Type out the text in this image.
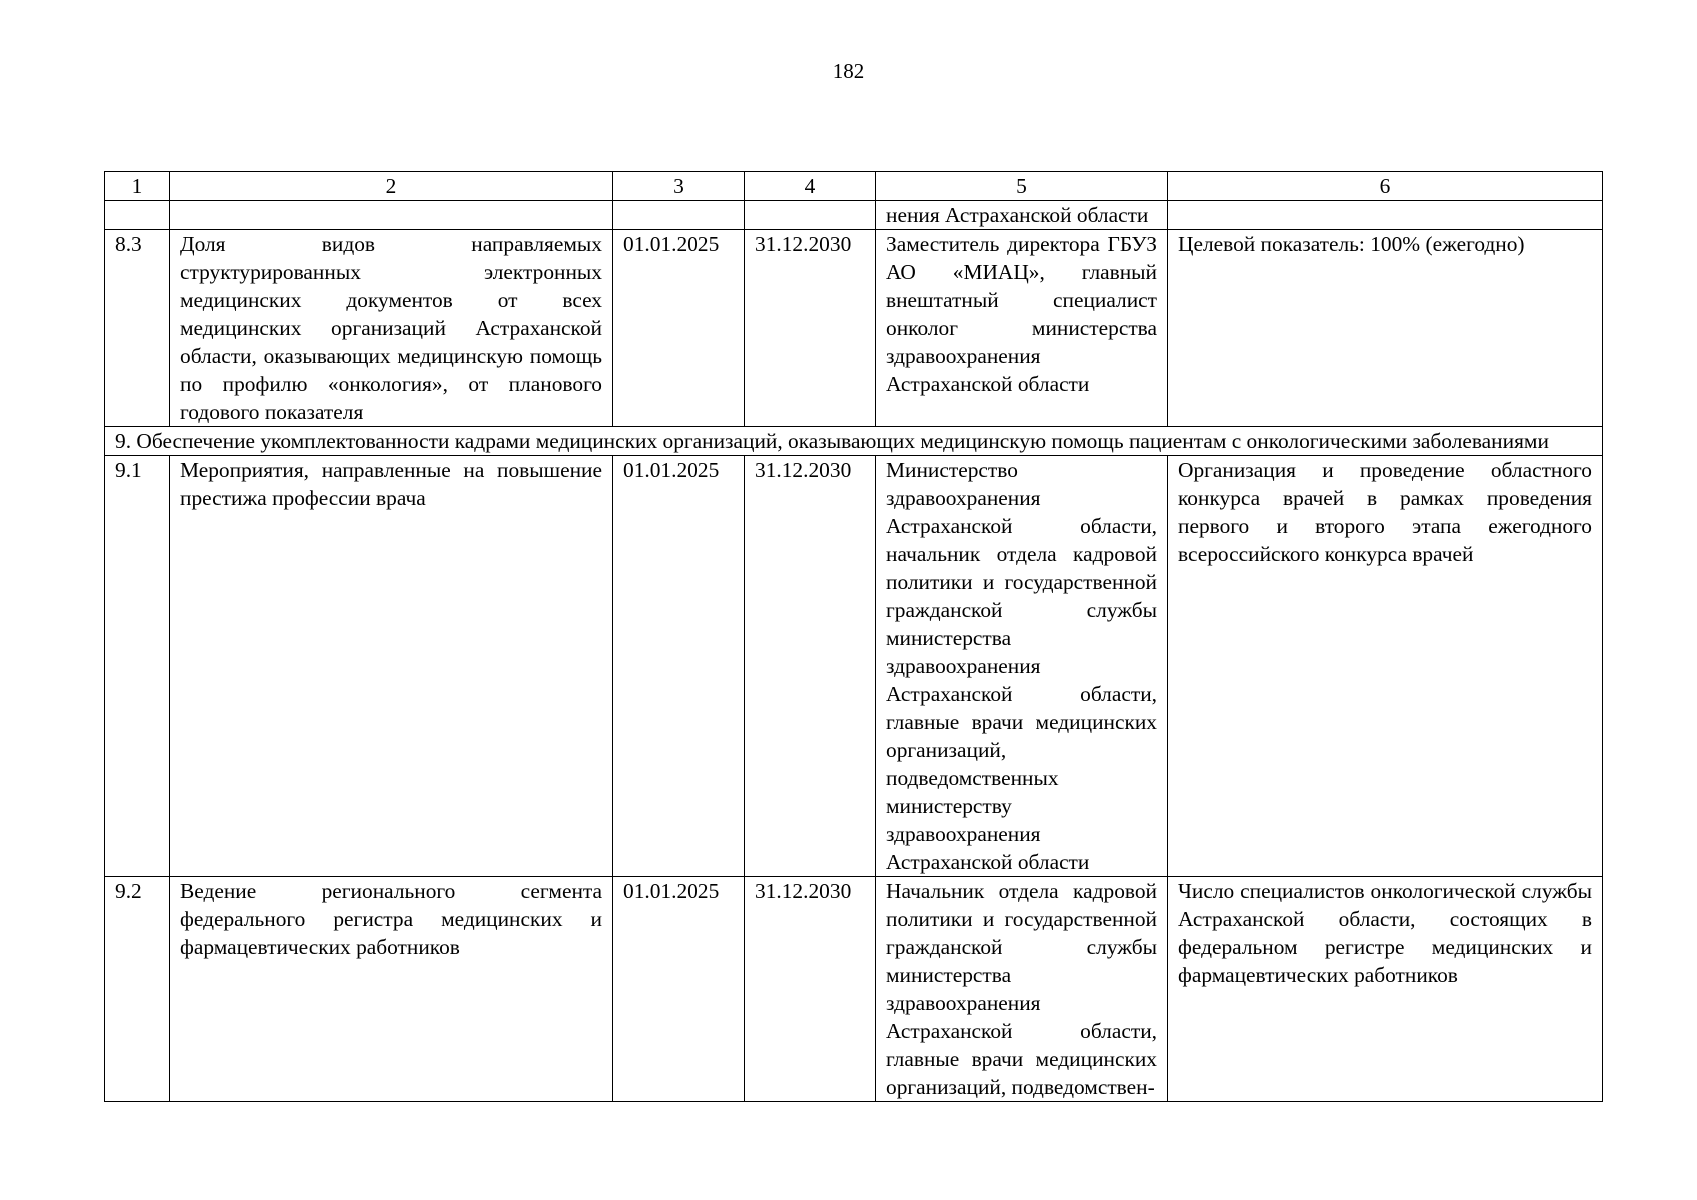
182
1	2	3	4	5	6
				нения Астраханской области	
8.3	Доля видов направляемых структурированных электронных медицинских документов от всех медицинских организаций Астраханской области, оказывающих медицинскую помощь по профилю «онкология», от планового годового показателя	01.01.2025	31.12.2030	Заместитель директора ГБУЗ АО «МИАЦ», главный внештатный специалист онколог министерства здравоохранения Астраханской области	Целевой показатель: 100% (ежегодно)
9. Обеспечение укомплектованности кадрами медицинских организаций, оказывающих медицинскую помощь пациентам с онкологическими заболеваниями					
9.1	Мероприятия, направленные на повышение престижа профессии врача	01.01.2025	31.12.2030	Министерство здравоохранения Астраханской области, начальник отдела кадровой политики и государственной гражданской службы министерства здравоохранения Астраханской области, главные врачи медицинских организаций, подведомственных министерству здравоохранения Астраханской области	Организация и проведение областного конкурса врачей в рамках проведения первого и второго этапа ежегодного всероссийского конкурса врачей
9.2	Ведение регионального сегмента федерального регистра медицинских и фармацевтических работников	01.01.2025	31.12.2030	Начальник отдела кадровой политики и государственной гражданской службы министерства здравоохранения Астраханской области, главные врачи медицинских организаций, подведомствен-	Число специалистов онкологической службы Астраханской области, состоящих в федеральном регистре медицинских и фармацевтических работников
